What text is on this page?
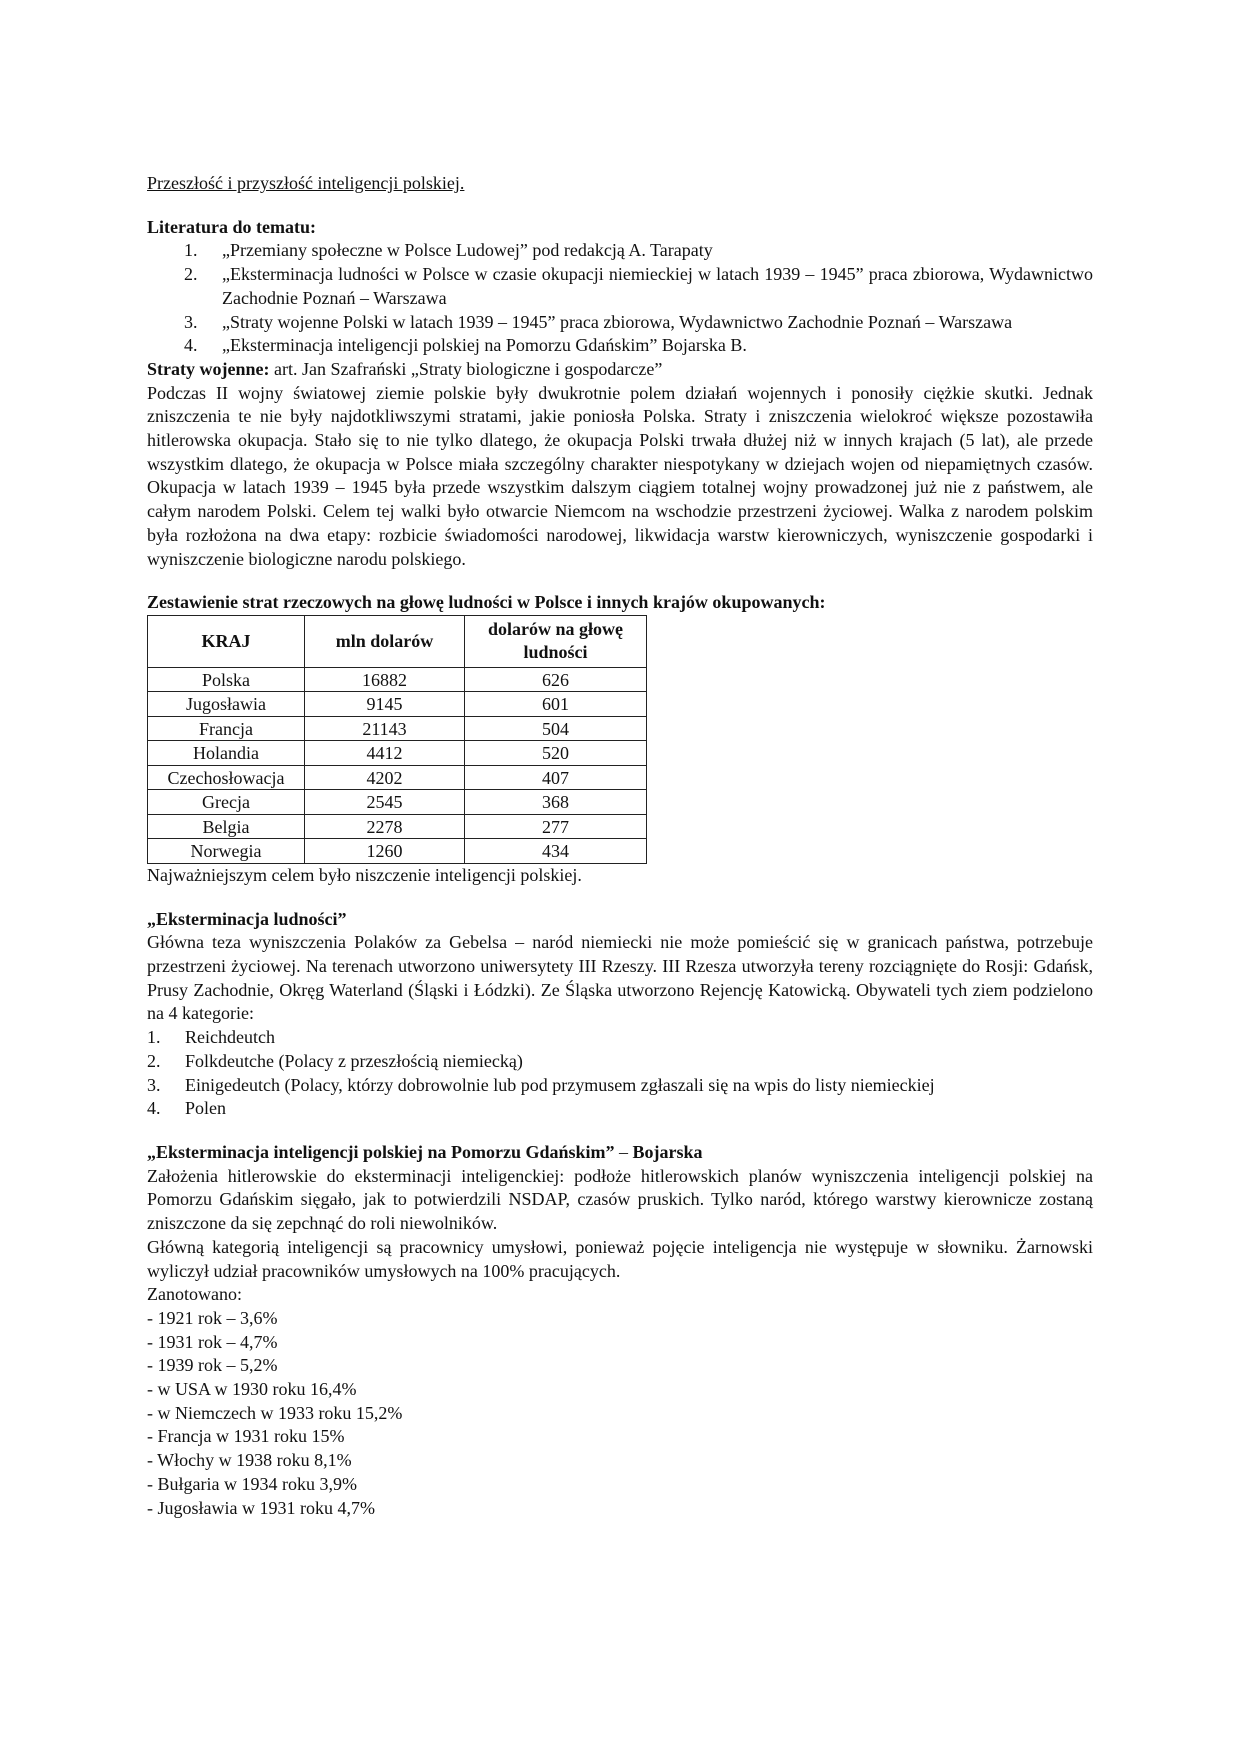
Przeszłość i przyszłość inteligencji polskiej.

Literatura do tematu:

1. „Przemiany społeczne w Polsce Ludowej” pod redakcją A. Tarapaty
2. „Eksterminacja ludności w Polsce w czasie okupacji niemieckiej w latach 1939 – 1945” praca zbiorowa, Wydawnictwo Zachodnie Poznań – Warszawa
3. „Straty wojenne Polski w latach 1939 – 1945” praca zbiorowa, Wydawnictwo Zachodnie Poznań – Warszawa
4. „Eksterminacja inteligencji polskiej na Pomorzu Gdańskim” Bojarska B.

Straty wojenne: art. Jan Szafrański „Straty biologiczne i gospodarcze”

Podczas II wojny światowej ziemie polskie były dwukrotnie polem działań wojennych i ponosiły ciężkie skutki. Jednak zniszczenia te nie były najdotkliwszymi stratami, jakie poniosła Polska. Straty i zniszczenia wielokroć większe pozostawiła hitlerowska okupacja. Stało się to nie tylko dlatego, że okupacja Polski trwała dłużej niż w innych krajach (5 lat), ale przede wszystkim dlatego, że okupacja w Polsce miała szczególny charakter niespotykany w dziejach wojen od niepamiętnych czasów. Okupacja w latach 1939 – 1945 była przede wszystkim dalszym ciągiem totalnej wojny prowadzonej już nie z państwem, ale całym narodem Polski. Celem tej walki było otwarcie Niemcom na wschodzie przestrzeni życiowej. Walka z narodem polskim była rozłożona na dwa etapy: rozbicie świadomości narodowej, likwidacja warstw kierowniczych, wyniszczenie gospodarki i wyniszczenie biologiczne narodu polskiego.

Zestawienie strat rzeczowych na głowę ludności w Polsce i innych krajów okupowanych:

KRAJ	mln dolarów	dolarów na głowę ludności
Polska	16882	626
Jugosławia	9145	601
Francja	21143	504
Holandia	4412	520
Czechosłowacja	4202	407
Grecja	2545	368
Belgia	2278	277
Norwegia	1260	434

Najważniejszym celem było niszczenie inteligencji polskiej.

„Eksterminacja ludności”

Główna teza wyniszczenia Polaków za Gebelsa – naród niemiecki nie może pomieścić się w granicach państwa, potrzebuje przestrzeni życiowej. Na terenach utworzono uniwersytety III Rzeszy. III Rzesza utworzyła tereny rozciągnięte do Rosji: Gdańsk, Prusy Zachodnie, Okręg Waterland (Śląski i Łódzki). Ze Śląska utworzono Rejencję Katowicką. Obywateli tych ziem podzielono na 4 kategorie:

1. Reichdeutch
2. Folkdeutche (Polacy z przeszłością niemiecką)
3. Einigedeutch (Polacy, którzy dobrowolnie lub pod przymusem zgłaszali się na wpis do listy niemieckiej
4. Polen

„Eksterminacja inteligencji polskiej na Pomorzu Gdańskim” – Bojarska

Założenia hitlerowskie do eksterminacji inteligenckiej: podłoże hitlerowskich planów wyniszczenia inteligencji polskiej na Pomorzu Gdańskim sięgało, jak to potwierdzili NSDAP, czasów pruskich. Tylko naród, którego warstwy kierownicze zostaną zniszczone da się zepchnąć do roli niewolników.

Główną kategorią inteligencji są pracownicy umysłowi, ponieważ pojęcie inteligencja nie występuje w słowniku. Żarnowski wyliczył udział pracowników umysłowych na 100% pracujących.

Zanotowano:

- 1921 rok – 3,6%
- 1931 rok – 4,7%
- 1939 rok – 5,2%
- w USA w 1930 roku 16,4%
- w Niemczech w 1933 roku 15,2%
- Francja w 1931 roku 15%
- Włochy w 1938 roku 8,1%
- Bułgaria w 1934 roku 3,9%
- Jugosławia w 1931 roku 4,7%
